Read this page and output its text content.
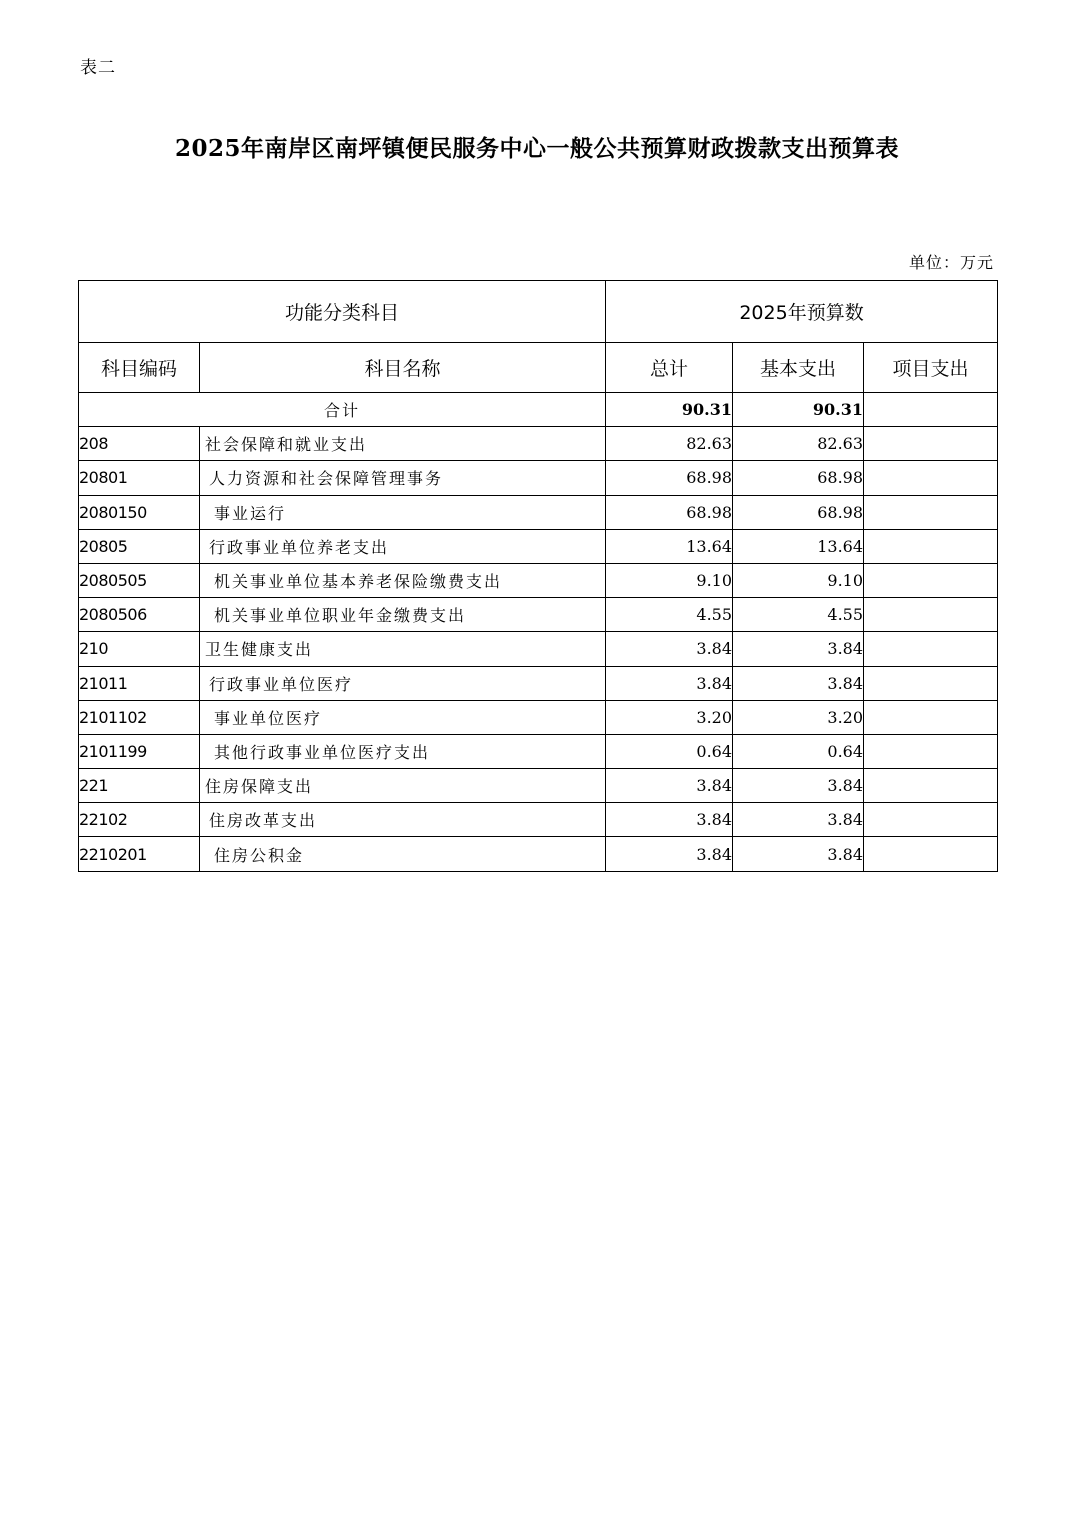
表二
2025年南岸区南坪镇便民服务中心一般公共预算财政拨款支出预算表
单位：万元
功能分类科目		2025年预算数		
科目编码	科目名称	总计	基本支出	项目支出
合计		90.31	90.31	
208	社会保障和就业支出	82.63	82.63	
20801	人力资源和社会保障管理事务	68.98	68.98	
2080150	事业运行	68.98	68.98	
20805	行政事业单位养老支出	13.64	13.64	
2080505	机关事业单位基本养老保险缴费支出	9.10	9.10	
2080506	机关事业单位职业年金缴费支出	4.55	4.55	
210	卫生健康支出	3.84	3.84	
21011	行政事业单位医疗	3.84	3.84	
2101102	事业单位医疗	3.20	3.20	
2101199	其他行政事业单位医疗支出	0.64	0.64	
221	住房保障支出	3.84	3.84	
22102	住房改革支出	3.84	3.84	
2210201	住房公积金	3.84	3.84	
